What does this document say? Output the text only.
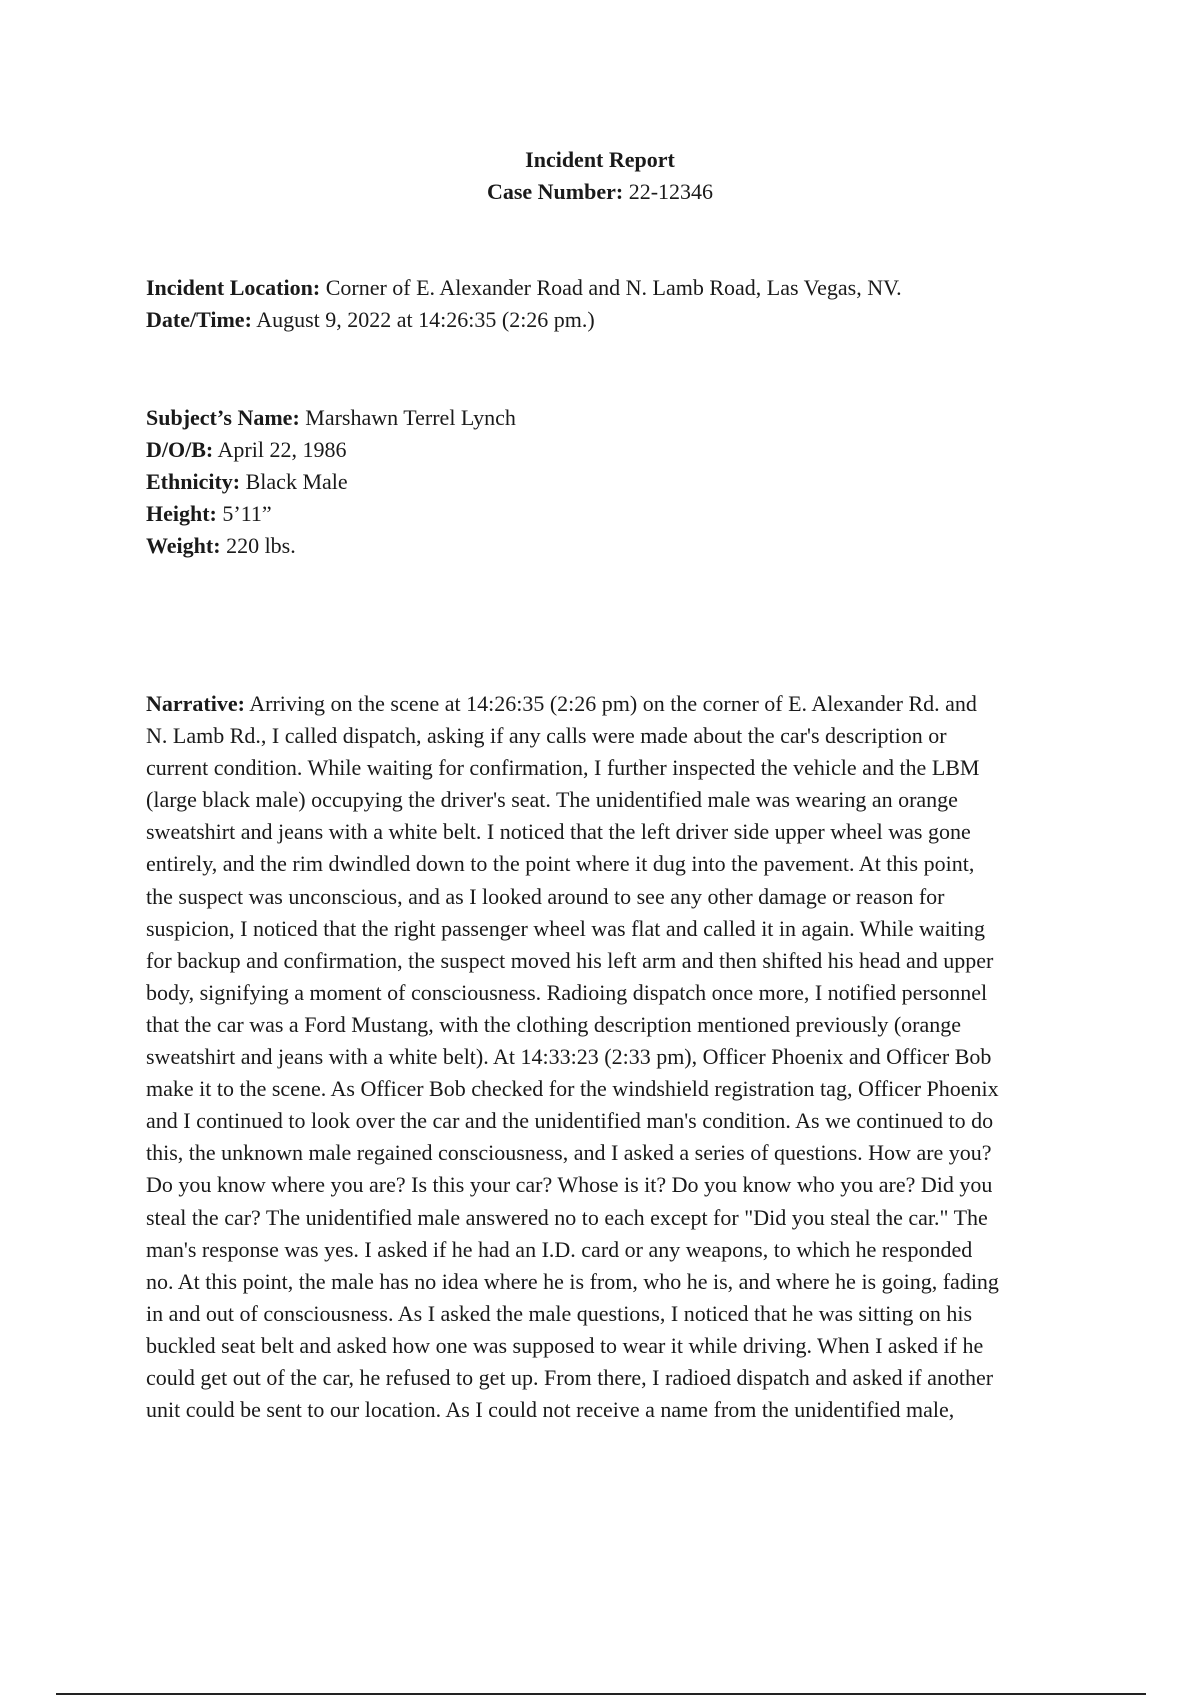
Incident Report
Case Number: 22-12346
Incident Location: Corner of E. Alexander Road and N. Lamb Road, Las Vegas, NV.
Date/Time: August 9, 2022 at 14:26:35 (2:26 pm.)
Subject’s Name: Marshawn Terrel Lynch
D/O/B: April 22, 1986
Ethnicity: Black Male
Height: 5’11”
Weight: 220 lbs.
Narrative: Arriving on the scene at 14:26:35 (2:26 pm) on the corner of E. Alexander Rd. and
N. Lamb Rd., I called dispatch, asking if any calls were made about the car's description or
current condition. While waiting for confirmation, I further inspected the vehicle and the LBM
(large black male) occupying the driver's seat. The unidentified male was wearing an orange
sweatshirt and jeans with a white belt. I noticed that the left driver side upper wheel was gone
entirely, and the rim dwindled down to the point where it dug into the pavement. At this point,
the suspect was unconscious, and as I looked around to see any other damage or reason for
suspicion, I noticed that the right passenger wheel was flat and called it in again. While waiting
for backup and confirmation, the suspect moved his left arm and then shifted his head and upper
body, signifying a moment of consciousness. Radioing dispatch once more, I notified personnel
that the car was a Ford Mustang, with the clothing description mentioned previously (orange
sweatshirt and jeans with a white belt). At 14:33:23 (2:33 pm), Officer Phoenix and Officer Bob
make it to the scene. As Officer Bob checked for the windshield registration tag, Officer Phoenix
and I continued to look over the car and the unidentified man's condition. As we continued to do
this, the unknown male regained consciousness, and I asked a series of questions. How are you?
Do you know where you are? Is this your car? Whose is it? Do you know who you are? Did you
steal the car? The unidentified male answered no to each except for "Did you steal the car." The
man's response was yes. I asked if he had an I.D. card or any weapons, to which he responded
no. At this point, the male has no idea where he is from, who he is, and where he is going, fading
in and out of consciousness. As I asked the male questions, I noticed that he was sitting on his
buckled seat belt and asked how one was supposed to wear it while driving. When I asked if he
could get out of the car, he refused to get up. From there, I radioed dispatch and asked if another
unit could be sent to our location. As I could not receive a name from the unidentified male,
